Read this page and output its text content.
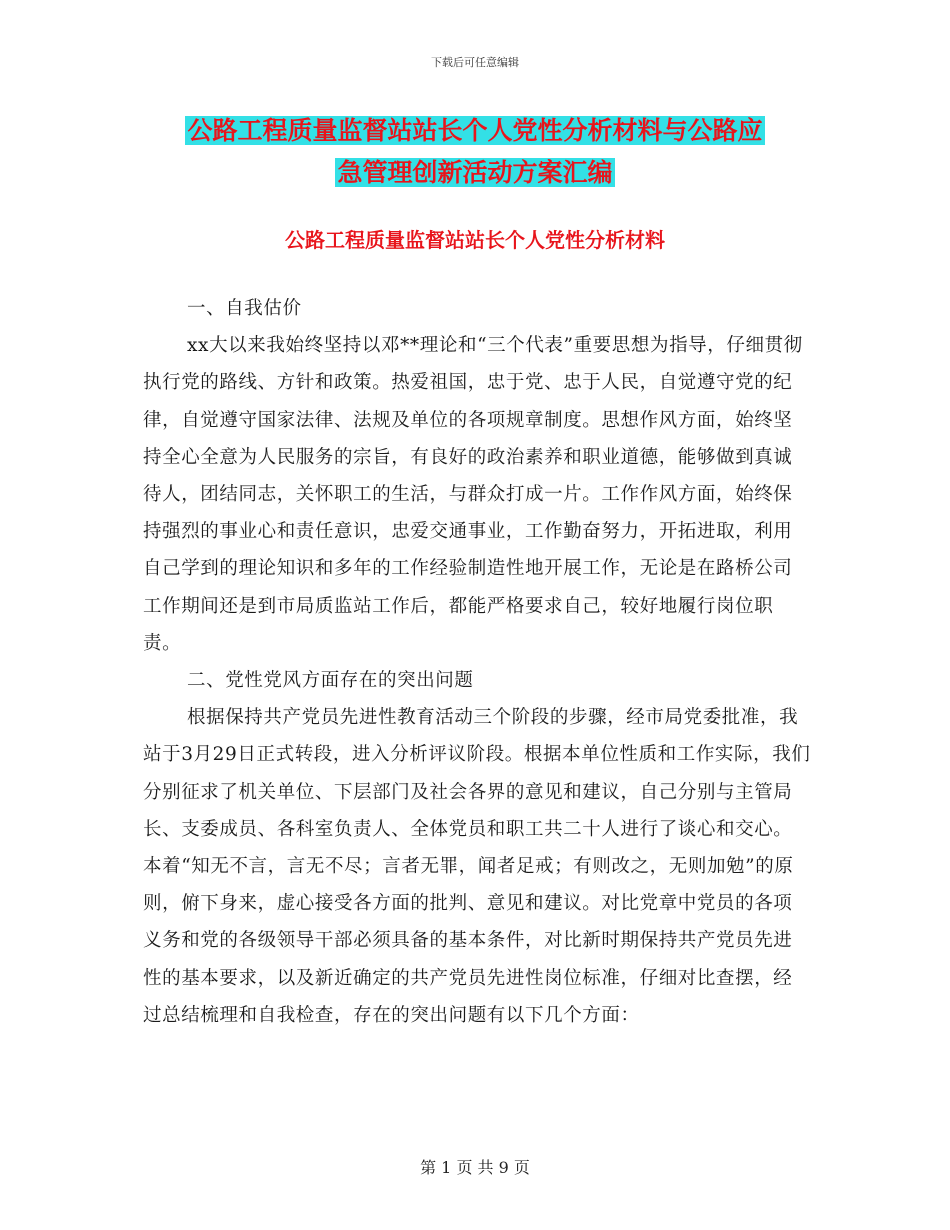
下载后可任意编辑
公路工程质量监督站站长个人党性分析材料与公路应
急管理创新活动方案汇编
公路工程质量监督站站长个人党性分析材料

一、自我估价

xx大以来我始终坚持以邓**理论和“三个代表”重要思想为指导，仔细贯彻执行党的路线、方针和政策。热爱祖国，忠于党、忠于人民，自觉遵守党的纪律，自觉遵守国家法律、法规及单位的各项规章制度。思想作风方面，始终坚持全心全意为人民服务的宗旨，有良好的政治素养和职业道德，能够做到真诚待人，团结同志，关怀职工的生活，与群众打成一片。工作作风方面，始终保持强烈的事业心和责任意识，忠爱交通事业，工作勤奋努力，开拓进取，利用自己学到的理论知识和多年的工作经验制造性地开展工作，无论是在路桥公司工作期间还是到市局质监站工作后，都能严格要求自己，较好地履行岗位职责。

二、党性党风方面存在的突出问题

根据保持共产党员先进性教育活动三个阶段的步骤，经市局党委批准，我站于3月29日正式转段，进入分析评议阶段。根据本单位性质和工作实际，我们分别征求了机关单位、下层部门及社会各界的意见和建议，自己分别与主管局长、支委成员、各科室负责人、全体党员和职工共二十人进行了谈心和交心。本着“知无不言，言无不尽；言者无罪，闻者足戒；有则改之，无则加勉”的原则，俯下身来，虚心接受各方面的批判、意见和建议。对比党章中党员的各项义务和党的各级领导干部必须具备的基本条件，对比新时期保持共产党员先进性的基本要求，以及新近确定的共产党员先进性岗位标准，仔细对比查摆，经过总结梳理和自我检查，存在的突出问题有以下几个方面：

第 1 页 共 9 页
